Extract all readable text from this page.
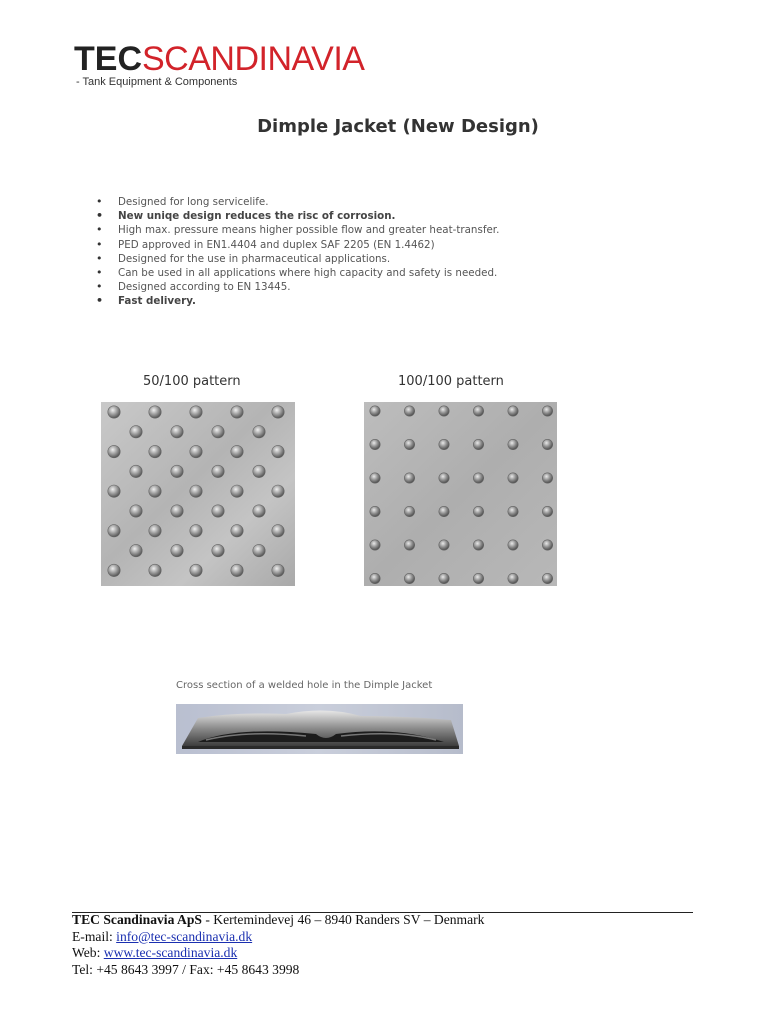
TECSCANDINAVIA
- Tank Equipment & Components
Dimple Jacket (New Design)
• Designed for long servicelife.
• New uniqe design reduces the risc of corrosion.
• High max. pressure means higher possible flow and greater heat-transfer.
• PED approved in EN1.4404 and duplex SAF 2205 (EN 1.4462)
• Designed for the use in pharmaceutical applications.
• Can be used in all applications where high capacity and safety is needed.
• Designed according to EN 13445.
• Fast delivery.
50/100 pattern	100/100 pattern
Cross section of a welded hole in the Dimple Jacket
TEC Scandinavia ApS - Kertemindevej 46 – 8940 Randers SV – Denmark
E-mail: info@tec-scandinavia.dk
Web: www.tec-scandinavia.dk
Tel: +45 8643 3997 / Fax: +45 8643 3998
